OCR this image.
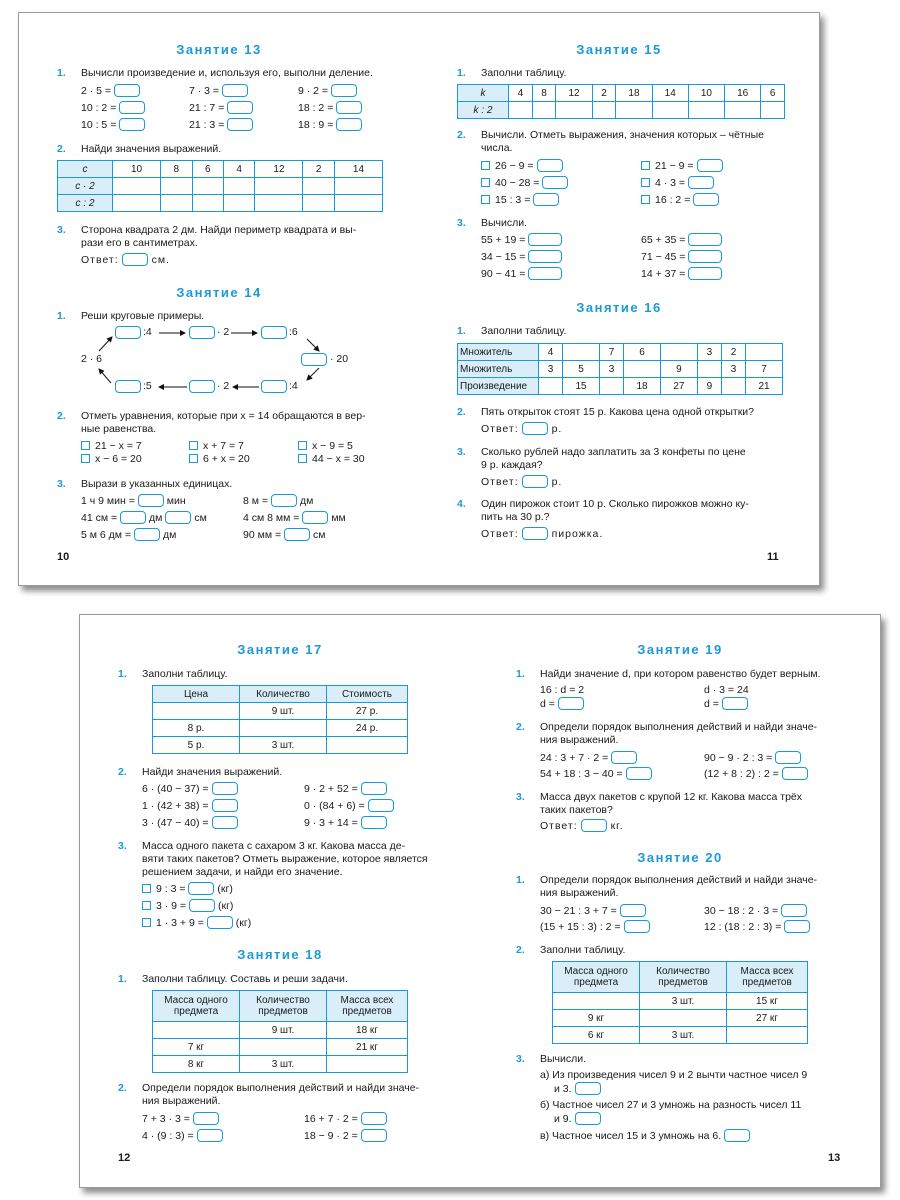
Занятие 13
1. Вычисли произведение и, используя его, выполни деление.
2 · 5 =	7 · 3 =	9 · 2 =
10 : 2 =	21 : 7 =	18 : 2 =
10 : 5 =	21 : 3 =	18 : 9 =
2. Найди значения выражений.
c	10	8	6	4	12	2	14
c · 2							
c : 2							
3. Сторона квадрата 2 дм. Найди периметр квадрата и вы-
рази его в сантиметрах.
Ответ:	см.
Занятие 14
1. Реши круговые примеры.
:4	· 2	:6
· 20
:4
· 2
:5
2 · 6
2. Отметь уравнения, которые при x = 14 обращаются в вер-
ные равенства.
21 − x = 7	x + 7 = 7	x − 9 = 5
x − 6 = 20	6 + x = 20	44 − x = 30
3. Вырази в указанных единицах.
1 ч 9 мин =	мин
41 см =	дм	см
5 м 6 дм =	дм
8 м =	дм
4 см 8 мм =	мм
90 мм =	см
10
Занятие 15
1. Заполни таблицу.
k	4	8	12	2	18	14	10	16	6
k : 2									
2. Вычисли. Отметь выражения, значения которых – чётные
числа.
26 − 9 =
40 − 28 =
15 : 3 =
21 − 9 =
4 · 3 =
16 : 2 =
3. Вычисли.
55 + 19 =
34 − 15 =
90 − 41 =
65 + 35 =
71 − 45 =
14 + 37 =
Занятие 16
1. Заполни таблицу.
Множитель	4		7	6		3	2	
Множитель	3	5	3		9		3	7
Произведение		15		18	27	9		21
2. Пять открыток стоят 15 р. Какова цена одной открытки?
Ответ:	р.
3. Сколько рублей надо заплатить за 3 конфеты по цене
9 р. каждая?
Ответ:	р.
4. Один пирожок стоит 10 р. Сколько пирожков можно ку-
пить на 30 р.?
Ответ:	пирожка.
11
Занятие 17
1. Заполни таблицу.
Цена	Количество	Стоимость
	9 шт.	27 р.
8 р.		24 р.
5 р.	3 шт.	
2. Найди значения выражений.
6 · (40 − 37) =
1 · (42 + 38) =
3 · (47 − 40) =
9 · 2 + 52 =
0 · (84 + 6) =
9 · 3 + 14 =
3. Масса одного пакета с сахаром 3 кг. Какова масса де-
вяти таких пакетов? Отметь выражение, которое является
решением задачи, и найди его значение.
9 : 3 =	(кг)
3 · 9 =	(кг)
1 · 3 + 9 =	(кг)
Занятие 18
1. Заполни таблицу. Составь и реши задачи.
Масса одного предмета	Количество предметов	Масса всех предметов
	9 шт.	18 кг
7 кг		21 кг
8 кг	3 шт.	
2. Определи порядок выполнения действий и найди значе-
ния выражений.
7 + 3 · 3 =
4 · (9 : 3) =
16 + 7 · 2 =
18 − 9 · 2 =
12
Занятие 19
1. Найди значение d, при котором равенство будет верным.
16 : d = 2	d · 3 = 24
d =	d =
2. Определи порядок выполнения действий и найди значе-
ния выражений.
24 : 3 + 7 · 2 =
54 + 18 : 3 − 40 =
90 − 9 · 2 : 3 =
(12 + 8 : 2) : 2 =
3. Масса двух пакетов с крупой 12 кг. Какова масса трёх
таких пакетов?
Ответ:	кг.
Занятие 20
1. Определи порядок выполнения действий и найди значе-
ния выражений.
30 − 21 : 3 + 7 =
(15 + 15 : 3) : 2 =
30 − 18 : 2 · 3 =
12 : (18 : 2 : 3) =
2. Заполни таблицу.
Масса одного предмета	Количество предметов	Масса всех предметов
	3 шт.	15 кг
9 кг		27 кг
6 кг	3 шт.	
3. Вычисли.
а) Из произведения чисел 9 и 2 вычти частное чисел 9
и 3.
б) Частное чисел 27 и 3 умножь на разность чисел 11
и 9.
в) Частное чисел 15 и 3 умножь на 6.
13
